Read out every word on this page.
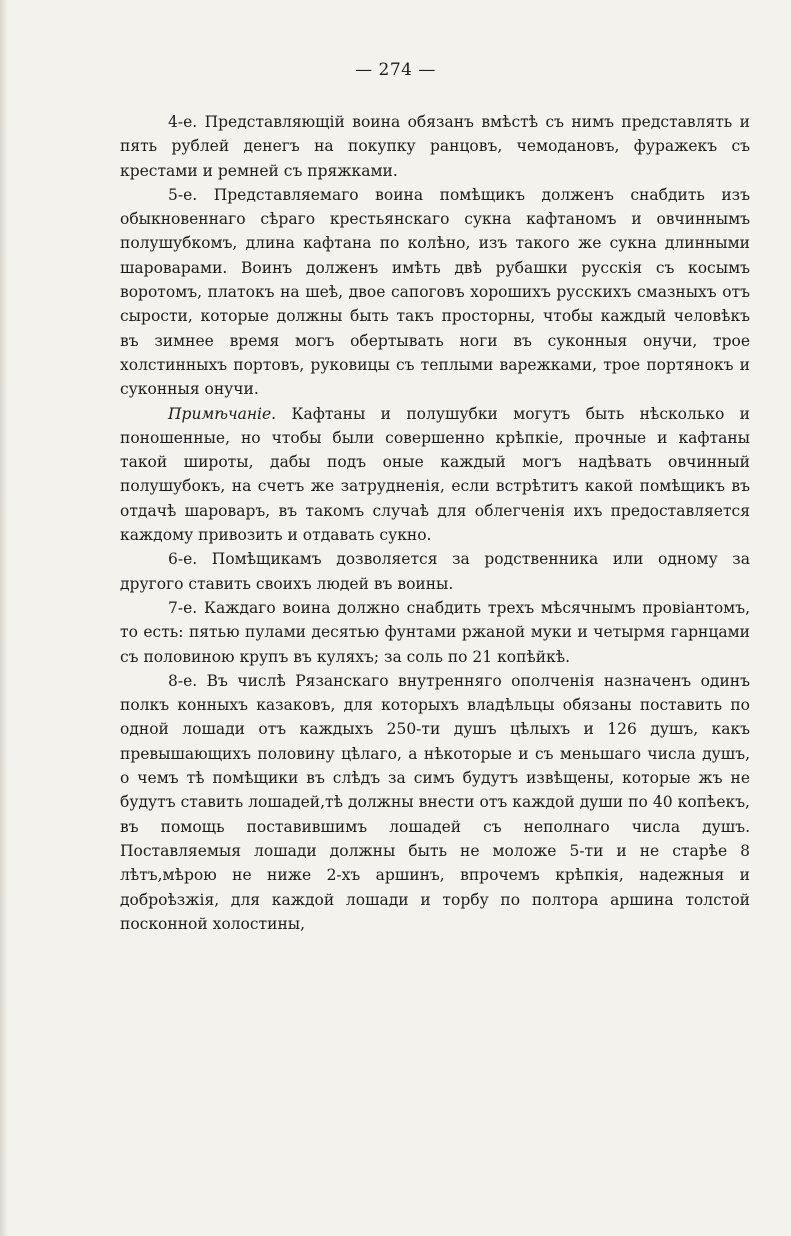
— 274 —

4-е. Представляющій воина обязанъ вмѣстѣ съ нимъ представлять и пять рублей денегъ на покупку ранцовъ, чемодановъ, фуражекъ съ крестами и ремней съ пряжками.

5-е. Представляемаго воина помѣщикъ долженъ снабдить изъ обыкновеннаго сѣраго крестьянскаго сукна кафтаномъ и овчиннымъ полушубкомъ, длина кафтана по колѣно, изъ такого же сукна длинными шароварами. Воинъ долженъ имѣть двѣ рубашки русскія съ косымъ воротомъ, платокъ на шеѣ, двое сапоговъ хорошихъ русскихъ смазныхъ отъ сырости, которые должны быть такъ просторны, чтобы каждый человѣкъ въ зимнее время могъ обертывать ноги въ суконныя онучи, трое холстинныхъ портовъ, руковицы съ теплыми варежками, трое портянокъ и суконныя онучи.

Примѣчаніе. Кафтаны и полушубки могутъ быть нѣсколько и поношенные, но чтобы были совершенно крѣпкіе, прочные и кафтаны такой широты, дабы подъ оные каждый могъ надѣвать овчинный полушубокъ, на счетъ же затрудненія, если встрѣтитъ какой помѣщикъ въ отдачѣ шароваръ, въ такомъ случаѣ для облегченія ихъ предоставляется каждому привозить и отдавать сукно.

6-е. Помѣщикамъ дозволяется за родственника или одному за другого ставить своихъ людей въ воины.

7-е. Каждаго воина должно снабдить трехъ мѣсячнымъ провіантомъ, то есть: пятью пулами десятью фунтами ржаной муки и четырмя гарнцами съ половиною крупъ въ куляхъ; за соль по 21 копѣйкѣ.

8-е. Въ числѣ Рязанскаго внутренняго ополченія назначенъ одинъ полкъ конныхъ казаковъ, для которыхъ владѣльцы обязаны поставить по одной лошади отъ каждыхъ 250-ти душъ цѣлыхъ и 126 душъ, какъ превышающихъ половину цѣлаго, а нѣкоторые и съ меньшаго числа душъ, о чемъ тѣ помѣщики въ слѣдъ за симъ будутъ извѣщены, которые жъ не будутъ ставить лошадей,тѣ должны внести отъ каждой души по 40 копѣекъ, въ помощь поставившимъ лошадей съ неполнаго числа душъ. Поставляемыя лошади должны быть не моложе 5-ти и не старѣе 8 лѣтъ,мѣрою не ниже 2-хъ аршинъ, впрочемъ крѣпкія, надежныя и доброѣзжія, для каждой лошади и торбу по полтора аршина толстой посконной холостины,
